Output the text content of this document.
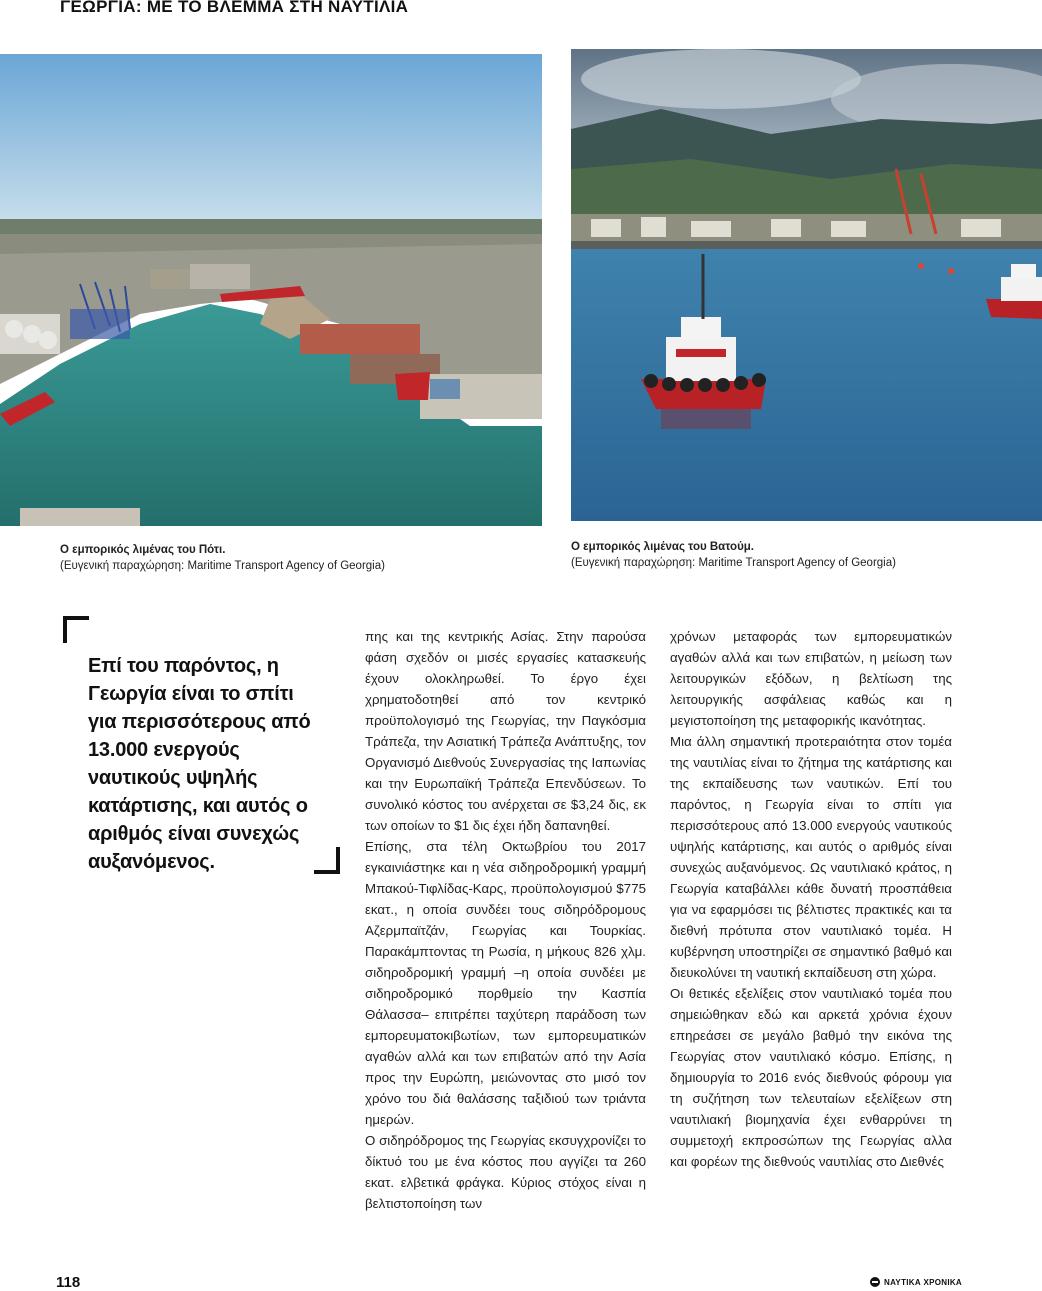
ΓΕΩΡΓΙΑ: ΜΕ ΤΟ ΒΛΕΜΜΑ ΣΤΗ ΝΑΥΤΙΛΙΑ
Ο εμπορικός λιμένας του Πότι.
(Ευγενική παραχώρηση: Maritime Transport Agency of Georgia)
Ο εμπορικός λιμένας του Βατούμ.
(Ευγενική παραχώρηση: Maritime Transport Agency of Georgia)
Επί του παρόντος, η Γεωργία είναι το σπίτι για περισσότερους από 13.000 ενεργούς ναυτικούς υψηλής κατάρτισης, και αυτός ο αριθμός είναι συνεχώς αυξανόμενος.

πης και της κεντρικής Ασίας. Στην παρούσα φάση σχεδόν οι μισές εργασίες κατασκευής έχουν ολοκληρωθεί. Το έργο έχει χρηματοδοτηθεί από τον κεντρικό προϋπολογισμό της Γεωργίας, την Παγκόσμια Τράπεζα, την Ασιατική Τράπεζα Ανάπτυξης, τον Οργανισμό Διεθνούς Συνεργασίας της Ιαπωνίας και την Ευρωπαϊκή Τράπεζα Επενδύσεων. Το συνολικό κόστος του ανέρχεται σε $3,24 δις, εκ των οποίων το $1 δις έχει ήδη δαπανηθεί.

Επίσης, στα τέλη Οκτωβρίου του 2017 εγκαινιάστηκε και η νέα σιδηροδρομική γραμμή Μπακού-Τιφλίδας-Καρς, προϋπολογισμού $775 εκατ., η οποία συνδέει τους σιδηρόδρομους Αζερμπαϊτζάν, Γεωργίας και Τουρκίας. Παρακάμπτοντας τη Ρωσία, η μήκους 826 χλμ. σιδηροδρομική γραμμή –η οποία συνδέει με σιδηροδρομικό πορθμείο την Κασπία Θάλασσα– επιτρέπει ταχύτερη παράδοση των εμπορευματοκιβωτίων, των εμπορευματικών αγαθών αλλά και των επιβατών από την Ασία προς την Ευρώπη, μειώνοντας στο μισό τον χρόνο του διά θαλάσσης ταξιδιού των τριάντα ημερών.

Ο σιδηρόδρομος της Γεωργίας εκσυγχρονίζει το δίκτυό του με ένα κόστος που αγγίζει τα 260 εκατ. ελβετικά φράγκα. Κύριος στόχος είναι η βελτιστοποίηση των

χρόνων μεταφοράς των εμπορευματικών αγαθών αλλά και των επιβατών, η μείωση των λειτουργικών εξόδων, η βελτίωση της λειτουργικής ασφάλειας καθώς και η μεγιστοποίηση της μεταφορικής ικανότητας.

Μια άλλη σημαντική προτεραιότητα στον τομέα της ναυτιλίας είναι το ζήτημα της κατάρτισης και της εκπαίδευσης των ναυτικών. Επί του παρόντος, η Γεωργία είναι το σπίτι για περισσότερους από 13.000 ενεργούς ναυτικούς υψηλής κατάρτισης, και αυτός ο αριθμός είναι συνεχώς αυξανόμενος. Ως ναυτιλιακό κράτος, η Γεωργία καταβάλλει κάθε δυνατή προσπάθεια για να εφαρμόσει τις βέλτιστες πρακτικές και τα διεθνή πρότυπα στον ναυτιλιακό τομέα. Η κυβέρνηση υποστηρίζει σε σημαντικό βαθμό και διευκολύνει τη ναυτική εκπαίδευση στη χώρα.

Οι θετικές εξελίξεις στον ναυτιλιακό τομέα που σημειώθηκαν εδώ και αρκετά χρόνια έχουν επηρεάσει σε μεγάλο βαθμό την εικόνα της Γεωργίας στον ναυτιλιακό κόσμο. Επίσης, η δημιουργία το 2016 ενός διεθνούς φόρουμ για τη συζήτηση των τελευταίων εξελίξεων στη ναυτιλιακή βιομηχανία έχει ενθαρρύνει τη συμμετοχή εκπροσώπων της Γεωργίας αλλα και φορέων της διεθνούς ναυτιλίας στο Διεθνές

118	ΝΑΥΤΙΚΑ ΧΡΟΝΙΚΑ
